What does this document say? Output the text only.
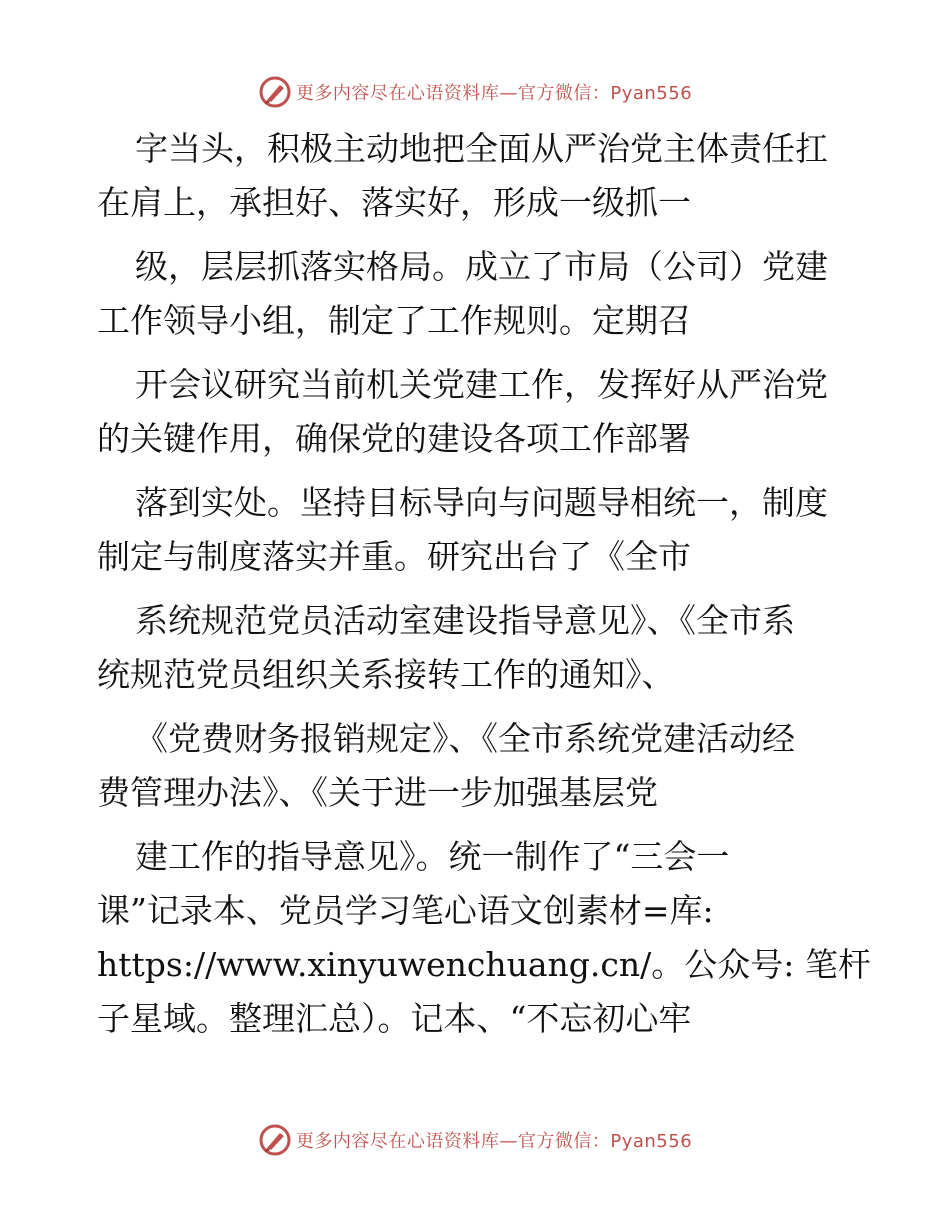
更多内容尽在心语资料库—官方微信：Pyan556
字当头，积极主动地把全面从严治党主体责任扛
在肩上，承担好、落实好，形成一级抓一
级，层层抓落实格局。成立了市局（公司）党建
工作领导小组，制定了工作规则。定期召
开会议研究当前机关党建工作，发挥好从严治党
的关键作用，确保党的建设各项工作部署
落到实处。坚持目标导向与问题导相统一，制度
制定与制度落实并重。研究出台了《全市
系统规范党员活动室建设指导意见》、《全市系
统规范党员组织关系接转工作的通知》、
《党费财务报销规定》、《全市系统党建活动经
费管理办法》、《关于进一步加强基层党
建工作的指导意见》。统一制作了“三会一
课”记录本、党员学习笔心语文创素材=库:
https://www.xinyuwenchuang.cn/。公众号: 笔杆
子星域。整理汇总）。记本、“不忘初心牢
更多内容尽在心语资料库—官方微信：Pyan556
